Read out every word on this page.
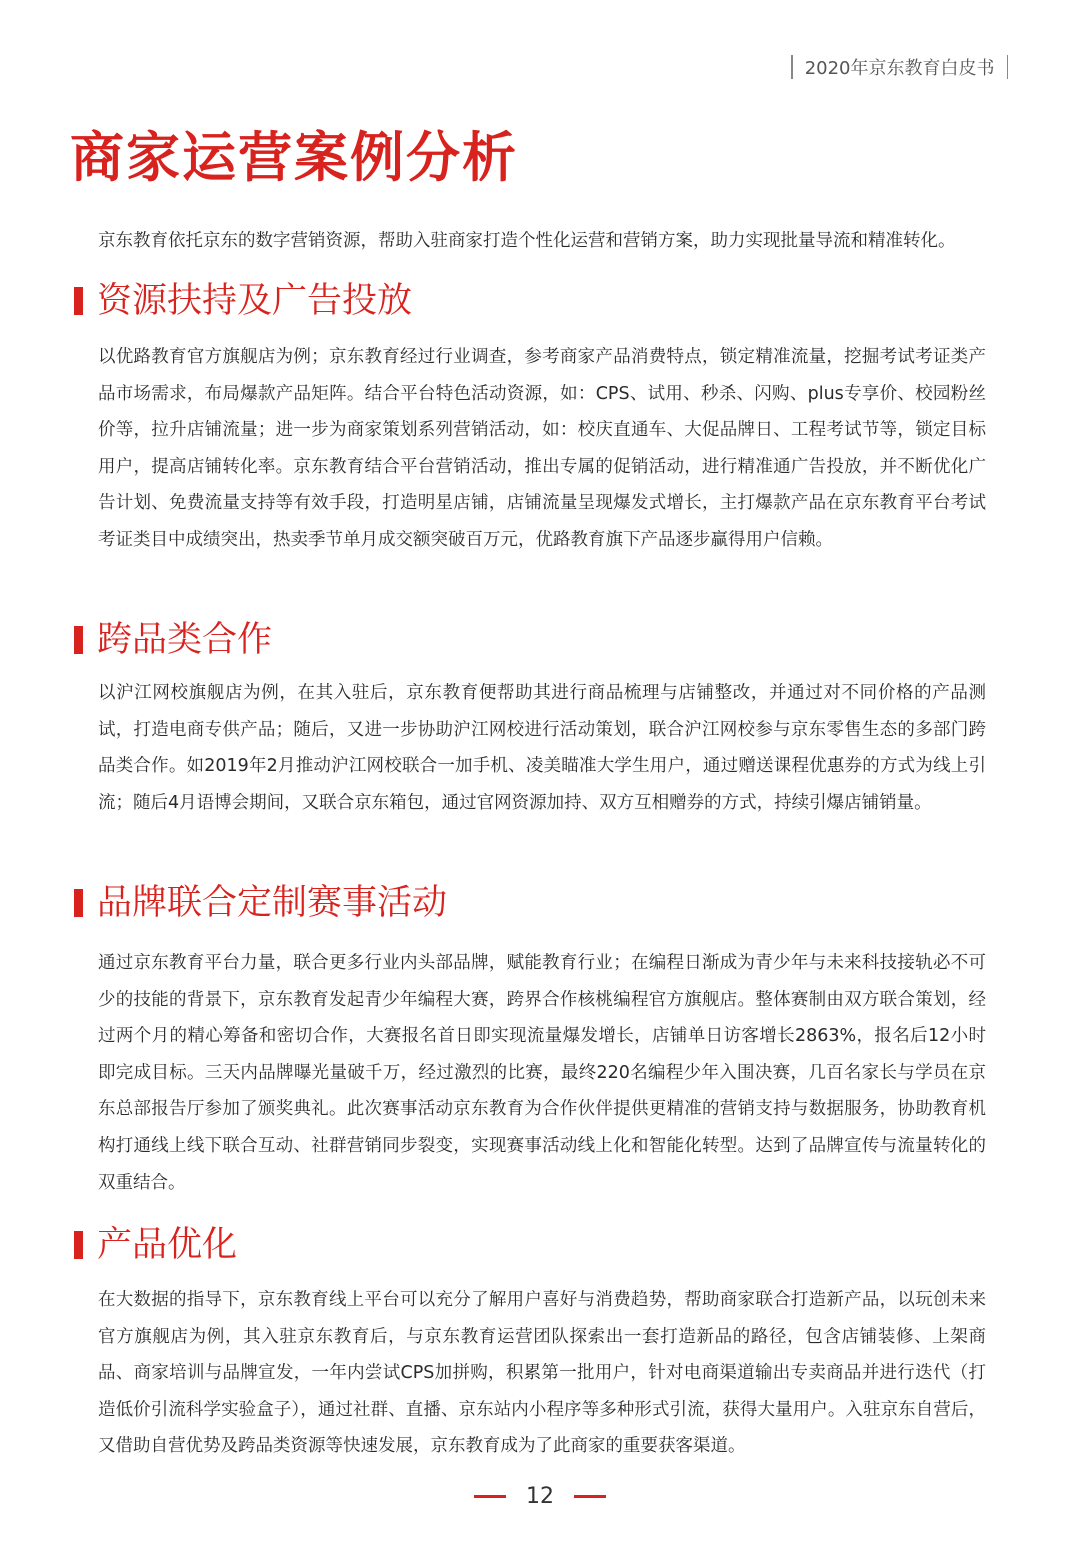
2020年京东教育白皮书
商家运营案例分析

京东教育依托京东的数字营销资源，帮助入驻商家打造个性化运营和营销方案，助力实现批量导流和精准转化。

资源扶持及广告投放

以优路教育官方旗舰店为例；京东教育经过行业调查，参考商家产品消费特点，锁定精准流量，挖掘考试考证类产品市场需求，布局爆款产品矩阵。结合平台特色活动资源，如：CPS、试用、秒杀、闪购、plus专享价、校园粉丝价等，拉升店铺流量；进一步为商家策划系列营销活动，如：校庆直通车、大促品牌日、工程考试节等，锁定目标用户，提高店铺转化率。京东教育结合平台营销活动，推出专属的促销活动，进行精准通广告投放，并不断优化广告计划、免费流量支持等有效手段，打造明星店铺，店铺流量呈现爆发式增长，主打爆款产品在京东教育平台考试考证类目中成绩突出，热卖季节单月成交额突破百万元，优路教育旗下产品逐步赢得用户信赖。

跨品类合作

以沪江网校旗舰店为例，在其入驻后，京东教育便帮助其进行商品梳理与店铺整改，并通过对不同价格的产品测试，打造电商专供产品；随后，又进一步协助沪江网校进行活动策划，联合沪江网校参与京东零售生态的多部门跨品类合作。如2019年2月推动沪江网校联合一加手机、凌美瞄准大学生用户，通过赠送课程优惠券的方式为线上引流；随后4月语博会期间，又联合京东箱包，通过官网资源加持、双方互相赠券的方式，持续引爆店铺销量。

品牌联合定制赛事活动

通过京东教育平台力量，联合更多行业内头部品牌，赋能教育行业；在编程日渐成为青少年与未来科技接轨必不可少的技能的背景下，京东教育发起青少年编程大赛，跨界合作核桃编程官方旗舰店。整体赛制由双方联合策划，经过两个月的精心筹备和密切合作，大赛报名首日即实现流量爆发增长，店铺单日访客增长2863%，报名后12小时即完成目标。三天内品牌曝光量破千万，经过激烈的比赛，最终220名编程少年入围决赛，几百名家长与学员在京东总部报告厅参加了颁奖典礼。此次赛事活动京东教育为合作伙伴提供更精准的营销支持与数据服务，协助教育机构打通线上线下联合互动、社群营销同步裂变，实现赛事活动线上化和智能化转型。达到了品牌宣传与流量转化的双重结合。

产品优化

在大数据的指导下，京东教育线上平台可以充分了解用户喜好与消费趋势，帮助商家联合打造新产品，以玩创未来官方旗舰店为例，其入驻京东教育后，与京东教育运营团队探索出一套打造新品的路径，包含店铺装修、上架商品、商家培训与品牌宣发，一年内尝试CPS加拼购，积累第一批用户，针对电商渠道输出专卖商品并进行迭代（打造低价引流科学实验盒子），通过社群、直播、京东站内小程序等多种形式引流，获得大量用户。入驻京东自营后，又借助自营优势及跨品类资源等快速发展，京东教育成为了此商家的重要获客渠道。

12
